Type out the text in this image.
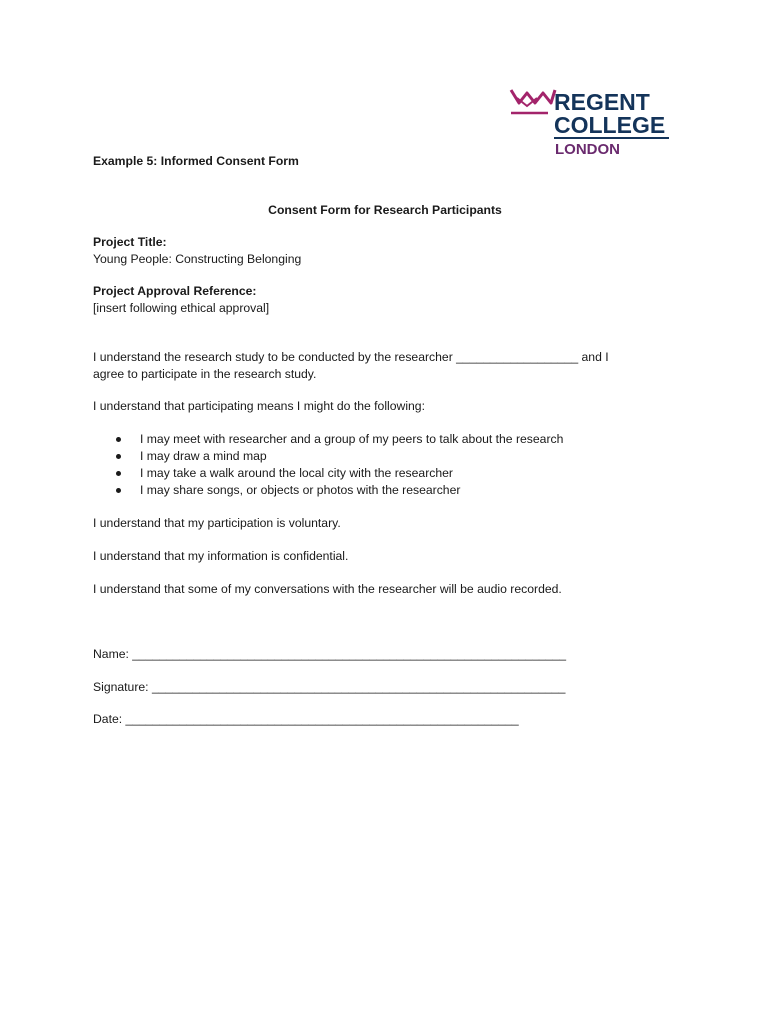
REGENT
COLLEGE
LONDON
Example 5: Informed Consent Form
Consent Form for Research Participants
Project Title:
Young People: Constructing Belonging
Project Approval Reference:
[insert following ethical approval]
I understand the research study to be conducted by the researcher __________________ and I
agree to participate in the research study.
I understand that participating means I might do the following:
I may meet with researcher and a group of my peers to talk about the research
I may draw a mind map
I may take a walk around the local city with the researcher
I may share songs, or objects or photos with the researcher
I understand that my participation is voluntary.
I understand that my information is confidential.
I understand that some of my conversations with the researcher will be audio recorded.
Name: ________________________________________________________________
Signature: _____________________________________________________________
Date: __________________________________________________________
